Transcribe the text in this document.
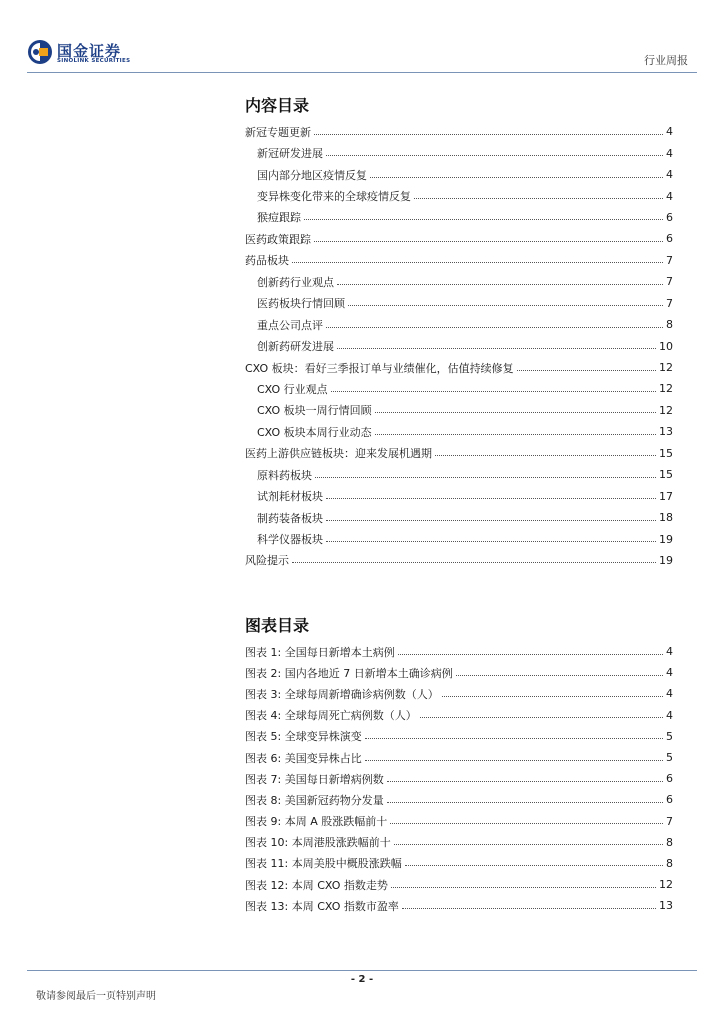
国金证券
SINOLINK SECURITIES	行业周报
内容目录
新冠专题更新	4
新冠研发进展	4
国内部分地区疫情反复	4
变异株变化带来的全球疫情反复	4
猴痘跟踪	6
医药政策跟踪	6
药品板块	7
创新药行业观点	7
医药板块行情回顾	7
重点公司点评	8
创新药研发进展	10
CXO 板块：看好三季报订单与业绩催化，估值持续修复	12
CXO 行业观点	12
CXO 板块一周行情回顾	12
CXO 板块本周行业动态	13
医药上游供应链板块：迎来发展机遇期	15
原料药板块	15
试剂耗材板块	17
制药装备板块	18
科学仪器板块	19
风险提示	19
图表目录
图表 1: 全国每日新增本土病例	4
图表 2: 国内各地近 7 日新增本土确诊病例	4
图表 3: 全球每周新增确诊病例数（人）	4
图表 4: 全球每周死亡病例数（人）	4
图表 5: 全球变异株演变	5
图表 6: 美国变异株占比	5
图表 7: 美国每日新增病例数	6
图表 8: 美国新冠药物分发量	6
图表 9: 本周 A 股涨跌幅前十	7
图表 10: 本周港股涨跌幅前十	8
图表 11: 本周美股中概股涨跌幅	8
图表 12: 本周 CXO 指数走势	12
图表 13: 本周 CXO 指数市盈率	13
- 2 -
敬请参阅最后一页特别声明
